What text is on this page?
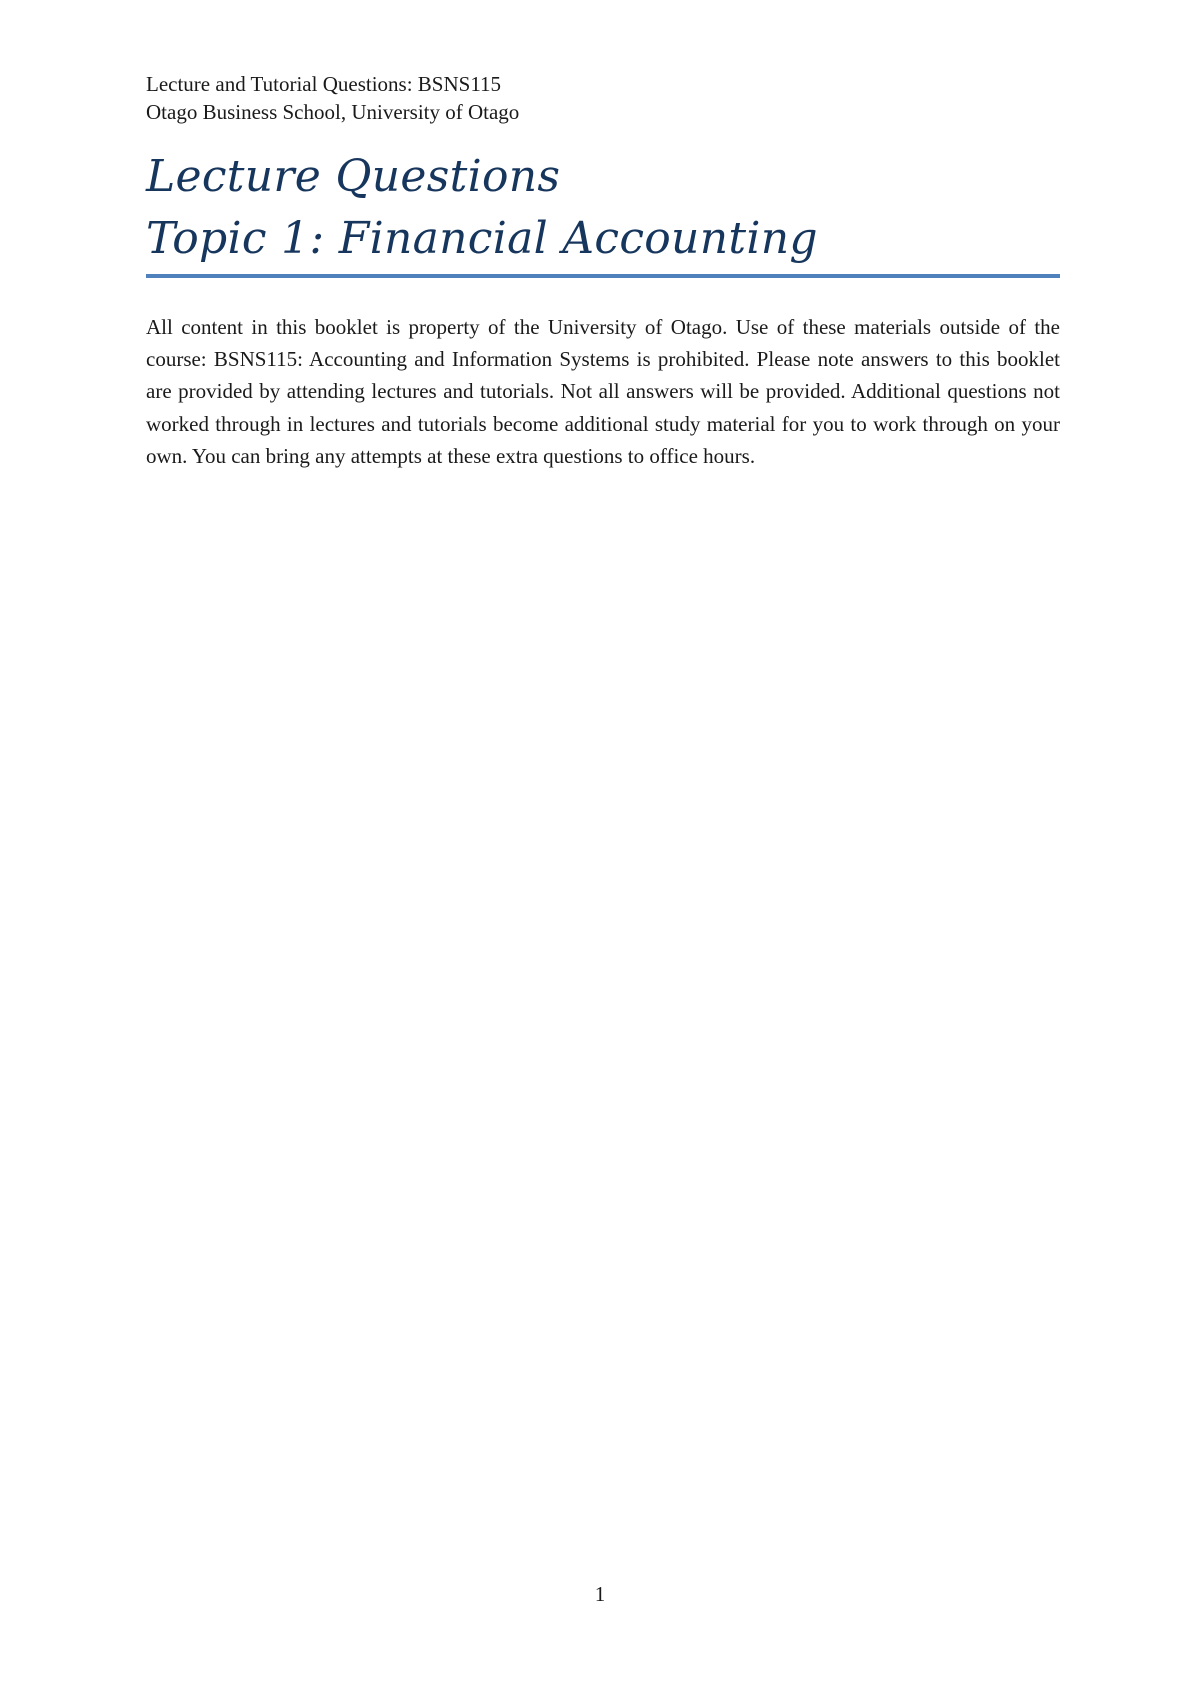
Lecture and Tutorial Questions: BSNS115
Otago Business School, University of Otago
Lecture Questions
Topic 1: Financial Accounting

All content in this booklet is property of the University of Otago. Use of these materials outside of the course: BSNS115: Accounting and Information Systems is prohibited. Please note answers to this booklet are provided by attending lectures and tutorials. Not all answers will be provided. Additional questions not worked through in lectures and tutorials become additional study material for you to work through on your own. You can bring any attempts at these extra questions to office hours.

1
